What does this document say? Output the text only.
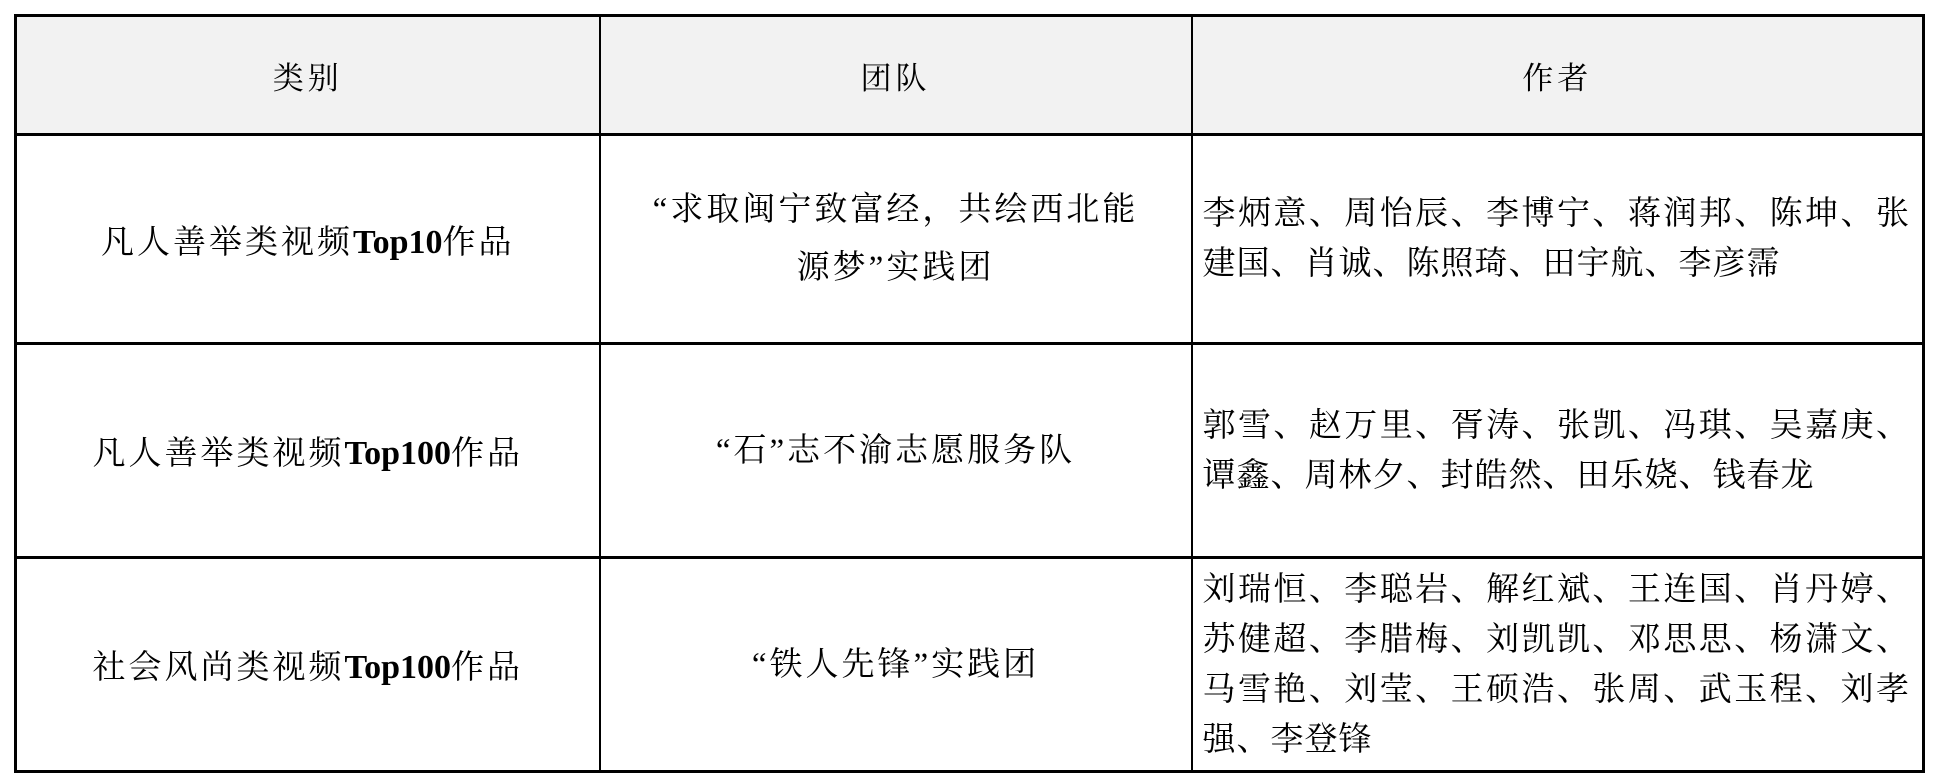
类别	团队	作者
凡人善举类视频Top10作品	“求取闽宁致富经，共绘西北能源梦”实践团	李炳意、周怡辰、李博宁、蒋润邦、陈坤、张建国、肖诚、陈照琦、田宇航、李彦霈
凡人善举类视频Top100作品	“石”志不渝志愿服务队	郭雪、赵万里、胥涛、张凯、冯琪、吴嘉庚、谭鑫、周林夕、封皓然、田乐娆、钱春龙
社会风尚类视频Top100作品	“铁人先锋”实践团	刘瑞恒、李聪岩、解红斌、王连国、肖丹婷、苏健超、李腊梅、刘凯凯、邓思思、杨潇文、马雪艳、刘莹、王硕浩、张周、武玉程、刘孝强、李登锋
